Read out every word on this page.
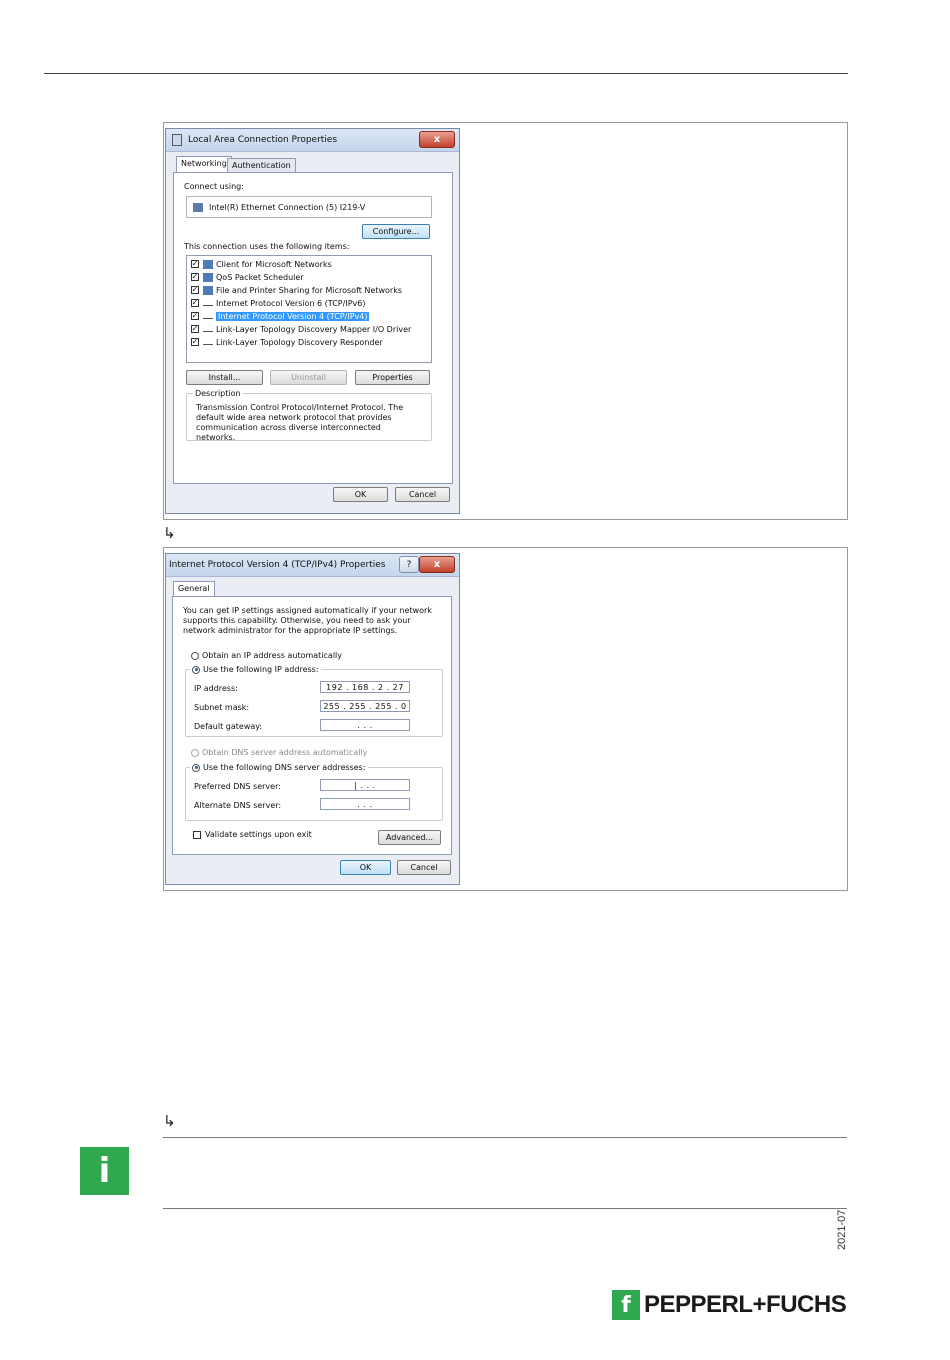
Local Area Connection Properties	x
Networking Authentication
Connect using:
Intel(R) Ethernet Connection (5) I219-V
Configure...
This connection uses the following items:
✓ Client for Microsoft Networks
✓ QoS Packet Scheduler
✓ File and Printer Sharing for Microsoft Networks
✓ Internet Protocol Version 6 (TCP/IPv6)
✓ Internet Protocol Version 4 (TCP/IPv4)
✓ Link-Layer Topology Discovery Mapper I/O Driver
✓ Link-Layer Topology Discovery Responder
Install...	Uninstall	Properties
Description
Transmission Control Protocol/Internet Protocol. The default wide area network protocol that provides communication across diverse interconnected networks.
OK	Cancel
↳
Internet Protocol Version 4 (TCP/IPv4) Properties	?	x
General
You can get IP settings assigned automatically if your network supports this capability. Otherwise, you need to ask your network administrator for the appropriate IP settings.
Obtain an IP address automatically
Use the following IP address:
IP address:	192 . 168 . 2 . 27
Subnet mask:	255 . 255 . 255 . 0
Default gateway:	. . .
Obtain DNS server address automatically
Use the following DNS server addresses:
Preferred DNS server:	| . . .
Alternate DNS server:	. . .
Validate settings upon exit	Advanced...
OK	Cancel
↳
i
2021-07
f PEPPERL+FUCHS
